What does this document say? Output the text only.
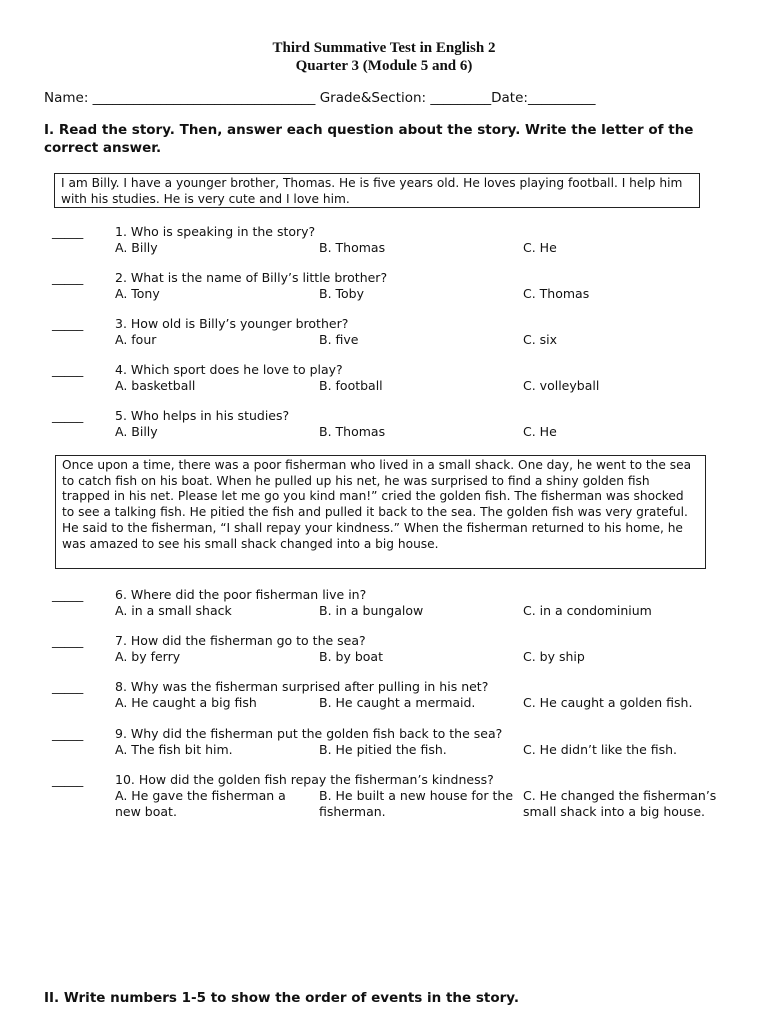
Third Summative Test in English 2
Quarter 3 (Module 5 and 6)
Name: _________________________________ Grade&Section: _________Date:__________
I. Read the story. Then, answer each question about the story. Write the letter of the correct answer.
I am Billy. I have a younger brother, Thomas. He is five years old. He loves playing football. I help him with his studies. He is very cute and I love him.
_____	1. Who is speaking in the story?
A. Billy	B. Thomas	C. He
_____	2. What is the name of Billy’s little brother?
A. Tony	B. Toby	C. Thomas
_____	3. How old is Billy’s younger brother?
A. four	B. five	C. six
_____	4. Which sport does he love to play?
A. basketball	B. football	C. volleyball
_____	5. Who helps in his studies?
A. Billy	B. Thomas	C. He
Once upon a time, there was a poor fisherman who lived in a small shack. One day, he went to the sea to catch fish on his boat. When he pulled up his net, he was surprised to find a shiny golden fish trapped in his net. Please let me go you kind man!” cried the golden fish. The fisherman was shocked to see a talking fish. He pitied the fish and pulled it back to the sea. The golden fish was very grateful. He said to the fisherman, “I shall repay your kindness.” When the fisherman returned to his home, he was amazed to see his small shack changed into a big house.
_____	6. Where did the poor fisherman live in?
A. in a small shack	B. in a bungalow	C. in a condominium
_____	7. How did the fisherman go to the sea?
A. by ferry	B. by boat	C. by ship
_____	8. Why was the fisherman surprised after pulling in his net?
A. He caught a big fish	B. He caught a mermaid.	C. He caught a golden fish.
_____	9. Why did the fisherman put the golden fish back to the sea?
A. The fish bit him.	B. He pitied the fish.	C. He didn’t like the fish.
_____	10. How did the golden fish repay the fisherman’s kindness?
A. He gave the fisherman a new boat.
B. He built a new house for the fisherman.
C. He changed the fisherman’s small shack into a big house.
II. Write numbers 1-5 to show the order of events in the story.
